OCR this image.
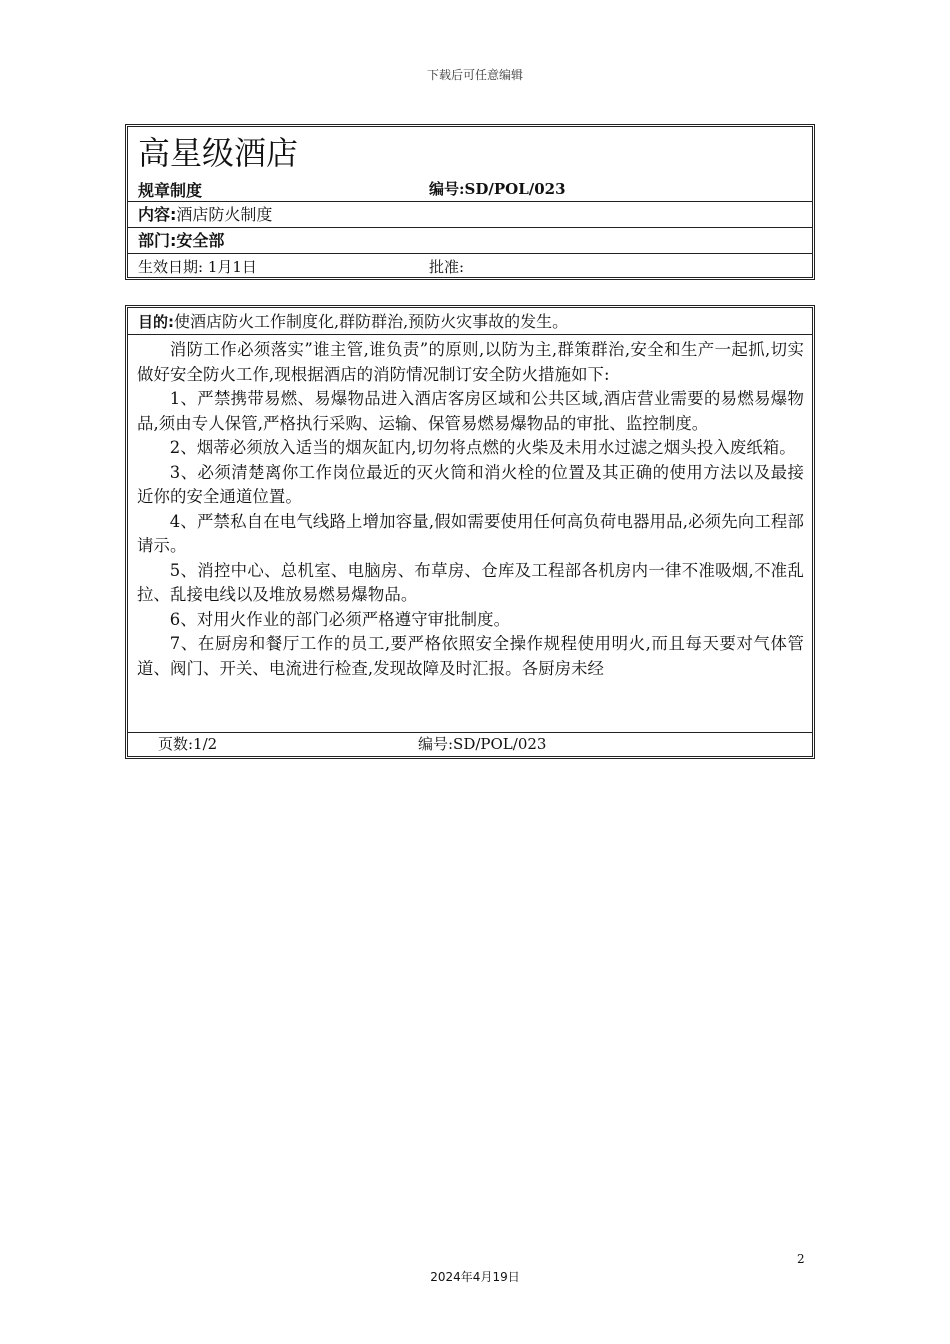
下载后可任意编辑
高星级酒店
规章制度	编号:SD/POL/023
内容:酒店防火制度
部门:安全部
生效日期: 1月1日	批准:
目的:使酒店防火工作制度化,群防群治,预防火灾事故的发生。

消防工作必须落实”谁主管,谁负责”的原则,以防为主,群策群治,安全和生产一起抓,切实做好安全防火工作,现根据酒店的消防情况制订安全防火措施如下:

1、严禁携带易燃、易爆物品进入酒店客房区域和公共区域,酒店营业需要的易燃易爆物品,须由专人保管,严格执行采购、运输、保管易燃易爆物品的审批、监控制度。

2、烟蒂必须放入适当的烟灰缸内,切勿将点燃的火柴及未用水过滤之烟头投入废纸箱。

3、必须清楚离你工作岗位最近的灭火筒和消火栓的位置及其正确的使用方法以及最接近你的安全通道位置。

4、严禁私自在电气线路上增加容量,假如需要使用任何高负荷电器用品,必须先向工程部请示。

5、消控中心、总机室、电脑房、布草房、仓库及工程部各机房内一律不准吸烟,不准乱拉、乱接电线以及堆放易燃易爆物品。

6、对用火作业的部门必须严格遵守审批制度。

7、在厨房和餐厅工作的员工,要严格依照安全操作规程使用明火,而且每天要对气体管道、阀门、开关、电流进行检查,发现故障及时汇报。各厨房未经

页数:1/2	编号:SD/POL/023
2
2024年4月19日
